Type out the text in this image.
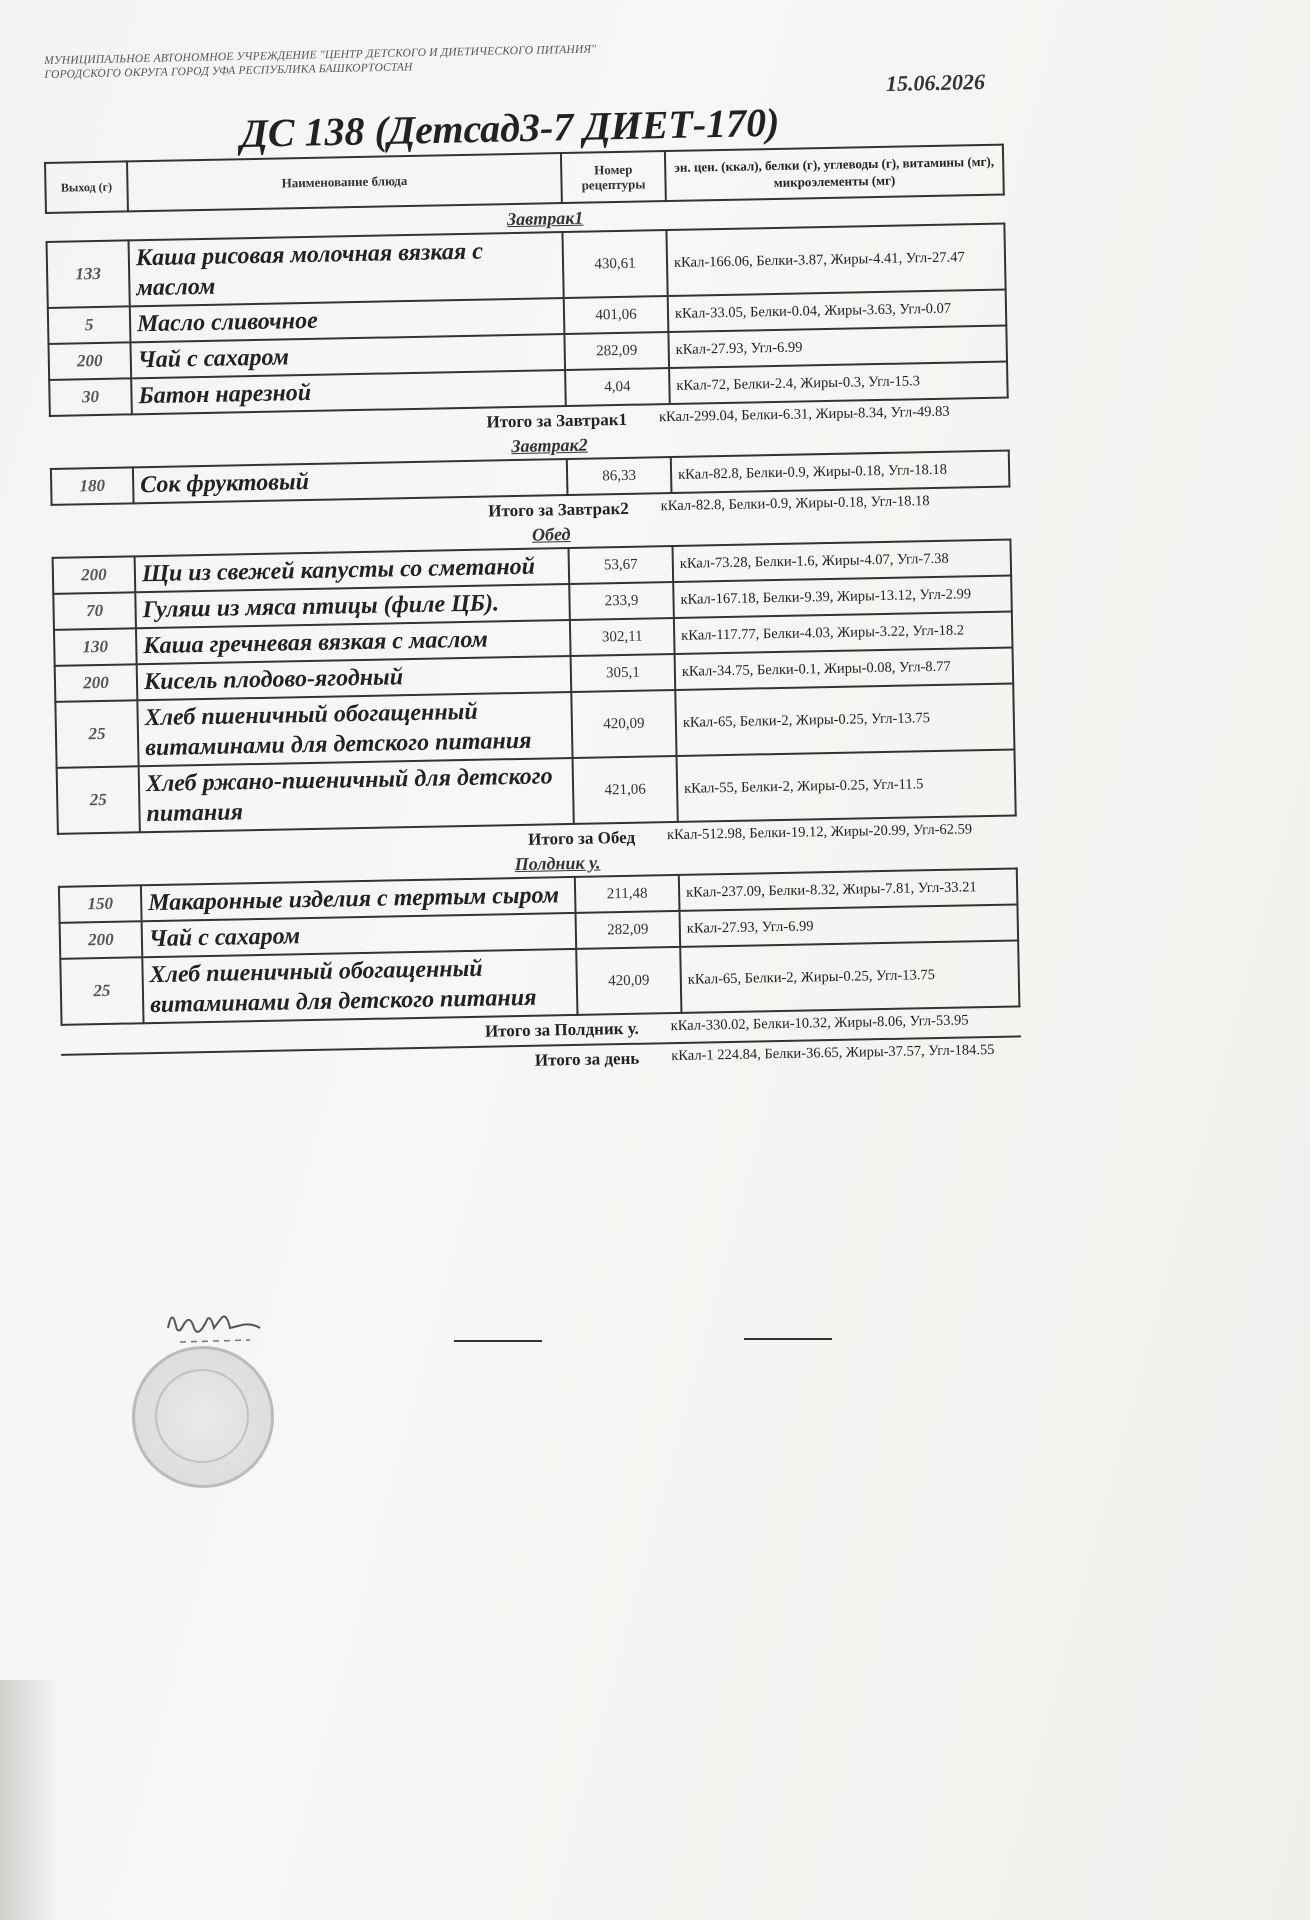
МУНИЦИПАЛЬНОЕ АВТОНОМНОЕ УЧРЕЖДЕНИЕ "ЦЕНТР ДЕТСКОГО И ДИЕТИЧЕСКОГО ПИТАНИЯ" ГОРОДСКОГО ОКРУГА ГОРОД УФА РЕСПУБЛИКА БАШКОРТОСТАН	15.06.2026
ДС 138 (Детсад3-7 ДИЕТ-170)
Выход (г)	Наименование блюда	Номер рецептуры	эн. цен. (ккал), белки (г), углеводы (г), витамины (мг), микроэлементы (мг)
Завтрак1
133	Каша рисовая молочная вязкая с маслом	430,61	кКал-166.06, Белки-3.87, Жиры-4.41, Угл-27.47
5	Масло сливочное	401,06	кКал-33.05, Белки-0.04, Жиры-3.63, Угл-0.07
200	Чай с сахаром	282,09	кКал-27.93, Угл-6.99
30	Батон нарезной	4,04	кКал-72, Белки-2.4, Жиры-0.3, Угл-15.3
Итого за Завтрак1	кКал-299.04, Белки-6.31, Жиры-8.34, Угл-49.83
Завтрак2
180	Сок фруктовый	86,33	кКал-82.8, Белки-0.9, Жиры-0.18, Угл-18.18
Итого за Завтрак2	кКал-82.8, Белки-0.9, Жиры-0.18, Угл-18.18
Обед
200	Щи из свежей капусты со сметаной	53,67	кКал-73.28, Белки-1.6, Жиры-4.07, Угл-7.38
70	Гуляш из мяса птицы (филе ЦБ).	233,9	кКал-167.18, Белки-9.39, Жиры-13.12, Угл-2.99
130	Каша гречневая вязкая с маслом	302,11	кКал-117.77, Белки-4.03, Жиры-3.22, Угл-18.2
200	Кисель плодово-ягодный	305,1	кКал-34.75, Белки-0.1, Жиры-0.08, Угл-8.77
25	Хлеб пшеничный обогащенный витаминами для детского питания	420,09	кКал-65, Белки-2, Жиры-0.25, Угл-13.75
25	Хлеб ржано-пшеничный для детского питания	421,06	кКал-55, Белки-2, Жиры-0.25, Угл-11.5
Итого за Обед	кКал-512.98, Белки-19.12, Жиры-20.99, Угл-62.59
Полдник у.
150	Макаронные изделия с тертым сыром	211,48	кКал-237.09, Белки-8.32, Жиры-7.81, Угл-33.21
200	Чай с сахаром	282,09	кКал-27.93, Угл-6.99
25	Хлеб пшеничный обогащенный витаминами для детского питания	420,09	кКал-65, Белки-2, Жиры-0.25, Угл-13.75
Итого за Полдник у.	кКал-330.02, Белки-10.32, Жиры-8.06, Угл-53.95
Итого за день	кКал-1 224.84, Белки-36.65, Жиры-37.57, Угл-184.55
